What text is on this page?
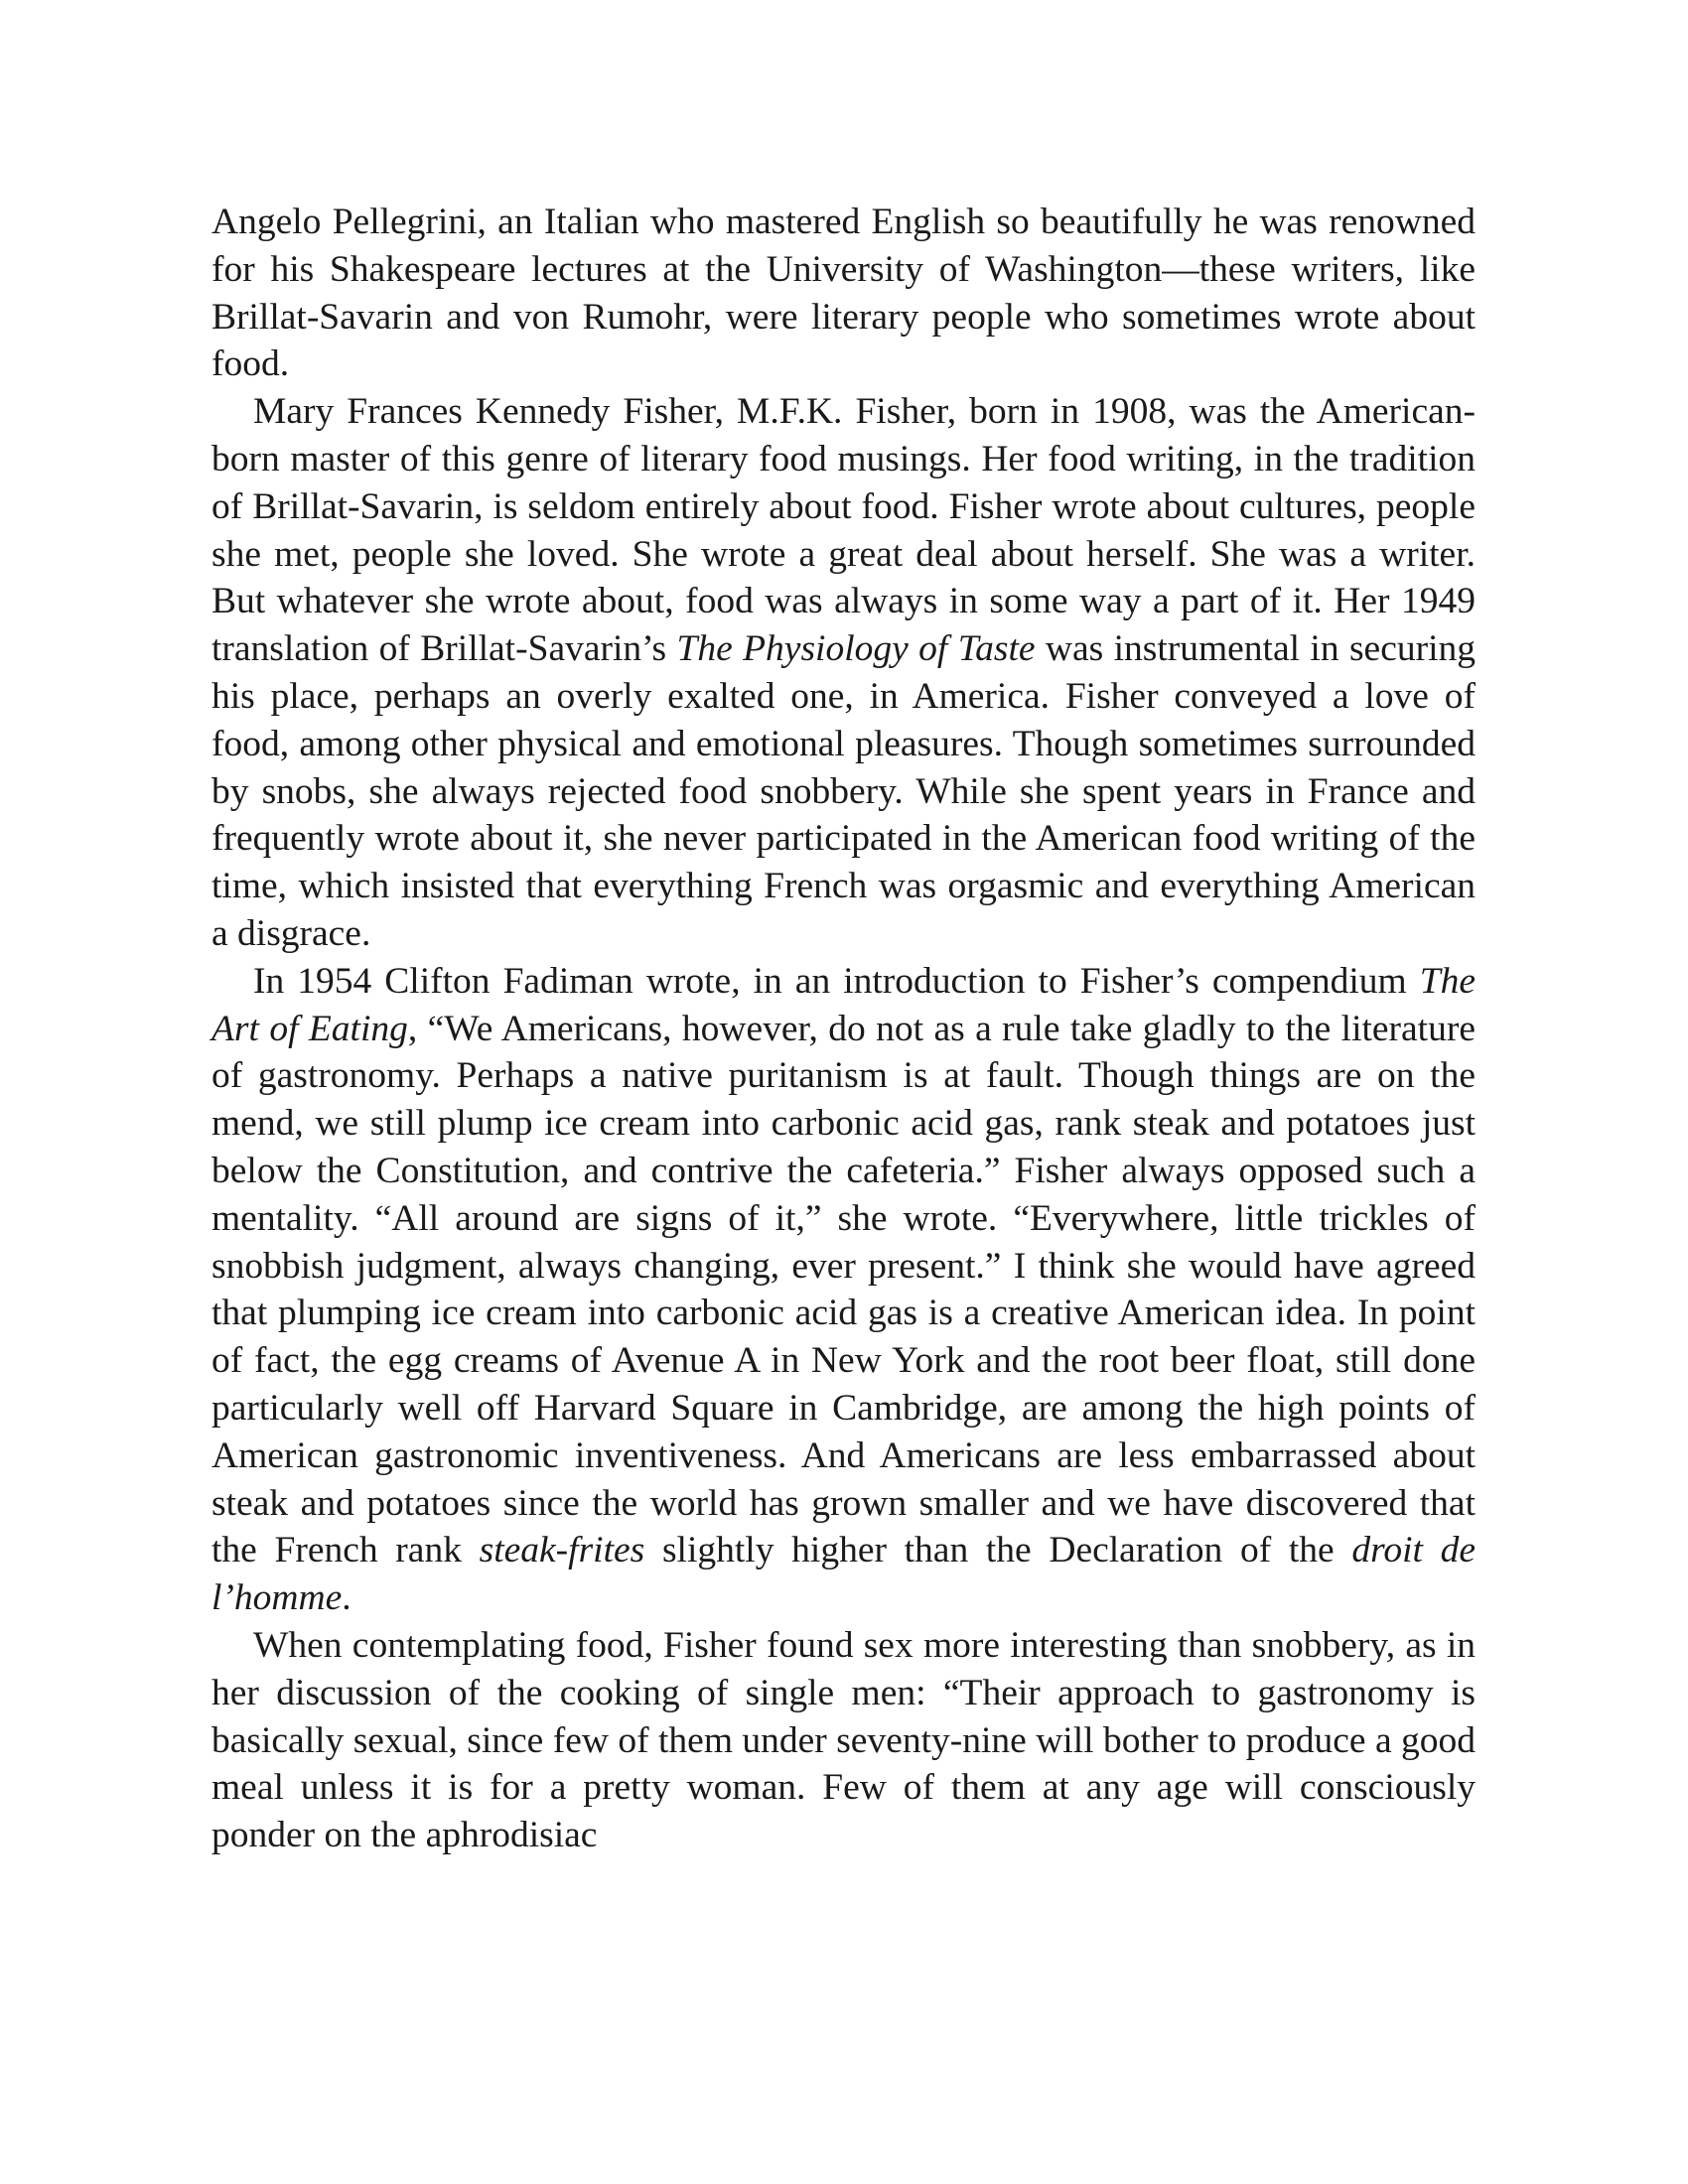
Angelo Pellegrini, an Italian who mastered English so beautifully he was renowned for his Shakespeare lectures at the University of Washington—these writers, like Brillat-Savarin and von Rumohr, were literary people who sometimes wrote about food.

Mary Frances Kennedy Fisher, M.F.K. Fisher, born in 1908, was the American-born master of this genre of literary food musings. Her food writing, in the tradition of Brillat-Savarin, is seldom entirely about food. Fisher wrote about cultures, people she met, people she loved. She wrote a great deal about herself. She was a writer. But whatever she wrote about, food was always in some way a part of it. Her 1949 translation of Brillat-Savarin’s The Physiology of Taste was instrumental in securing his place, perhaps an overly exalted one, in America. Fisher conveyed a love of food, among other physical and emotional pleasures. Though sometimes surrounded by snobs, she always rejected food snobbery. While she spent years in France and frequently wrote about it, she never participated in the American food writing of the time, which insisted that everything French was orgasmic and everything American a disgrace.

In 1954 Clifton Fadiman wrote, in an introduction to Fisher’s compendium The Art of Eating, “We Americans, however, do not as a rule take gladly to the literature of gastronomy. Perhaps a native puritanism is at fault. Though things are on the mend, we still plump ice cream into carbonic acid gas, rank steak and potatoes just below the Constitution, and contrive the cafeteria.” Fisher always opposed such a mentality. “All around are signs of it,” she wrote. “Everywhere, little trickles of snobbish judgment, always changing, ever present.” I think she would have agreed that plumping ice cream into carbonic acid gas is a creative American idea. In point of fact, the egg creams of Avenue A in New York and the root beer float, still done particularly well off Harvard Square in Cambridge, are among the high points of American gastronomic inventiveness. And Americans are less embarrassed about steak and potatoes since the world has grown smaller and we have discovered that the French rank steak-frites slightly higher than the Declaration of the droit de l’homme.

When contemplating food, Fisher found sex more interesting than snobbery, as in her discussion of the cooking of single men: “Their approach to gastronomy is basically sexual, since few of them under seventy-nine will bother to produce a good meal unless it is for a pretty woman. Few of them at any age will consciously ponder on the aphrodisiac
